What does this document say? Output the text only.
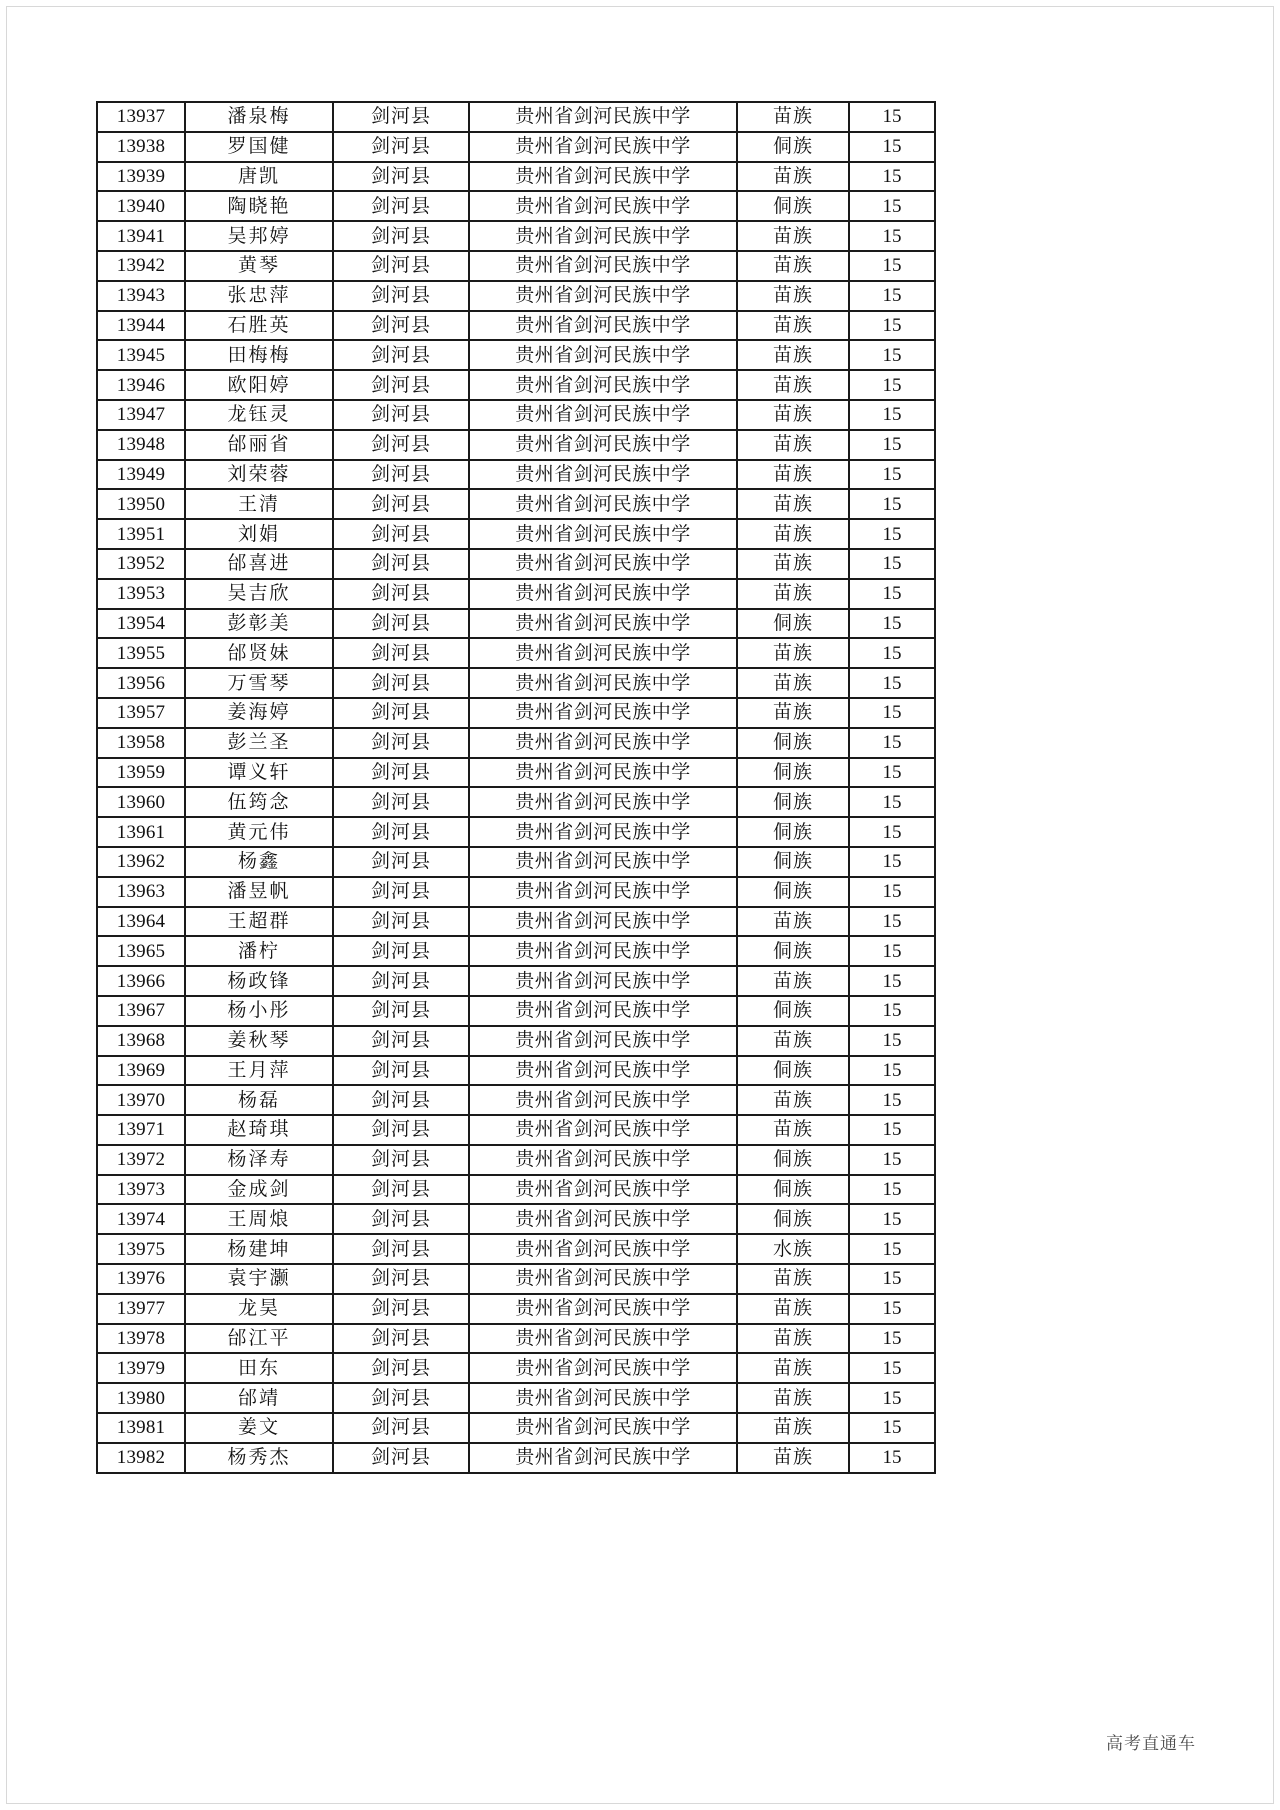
13937	潘泉梅	剑河县	贵州省剑河民族中学	苗族	15
13938	罗国健	剑河县	贵州省剑河民族中学	侗族	15
13939	唐凯	剑河县	贵州省剑河民族中学	苗族	15
13940	陶晓艳	剑河县	贵州省剑河民族中学	侗族	15
13941	吴邦婷	剑河县	贵州省剑河民族中学	苗族	15
13942	黄琴	剑河县	贵州省剑河民族中学	苗族	15
13943	张忠萍	剑河县	贵州省剑河民族中学	苗族	15
13944	石胜英	剑河县	贵州省剑河民族中学	苗族	15
13945	田梅梅	剑河县	贵州省剑河民族中学	苗族	15
13946	欧阳婷	剑河县	贵州省剑河民族中学	苗族	15
13947	龙钰灵	剑河县	贵州省剑河民族中学	苗族	15
13948	邰丽省	剑河县	贵州省剑河民族中学	苗族	15
13949	刘荣蓉	剑河县	贵州省剑河民族中学	苗族	15
13950	王清	剑河县	贵州省剑河民族中学	苗族	15
13951	刘娟	剑河县	贵州省剑河民族中学	苗族	15
13952	邰喜进	剑河县	贵州省剑河民族中学	苗族	15
13953	吴吉欣	剑河县	贵州省剑河民族中学	苗族	15
13954	彭彰美	剑河县	贵州省剑河民族中学	侗族	15
13955	邰贤妹	剑河县	贵州省剑河民族中学	苗族	15
13956	万雪琴	剑河县	贵州省剑河民族中学	苗族	15
13957	姜海婷	剑河县	贵州省剑河民族中学	苗族	15
13958	彭兰圣	剑河县	贵州省剑河民族中学	侗族	15
13959	谭义轩	剑河县	贵州省剑河民族中学	侗族	15
13960	伍筠念	剑河县	贵州省剑河民族中学	侗族	15
13961	黄元伟	剑河县	贵州省剑河民族中学	侗族	15
13962	杨鑫	剑河县	贵州省剑河民族中学	侗族	15
13963	潘昱帆	剑河县	贵州省剑河民族中学	侗族	15
13964	王超群	剑河县	贵州省剑河民族中学	苗族	15
13965	潘柠	剑河县	贵州省剑河民族中学	侗族	15
13966	杨政锋	剑河县	贵州省剑河民族中学	苗族	15
13967	杨小彤	剑河县	贵州省剑河民族中学	侗族	15
13968	姜秋琴	剑河县	贵州省剑河民族中学	苗族	15
13969	王月萍	剑河县	贵州省剑河民族中学	侗族	15
13970	杨磊	剑河县	贵州省剑河民族中学	苗族	15
13971	赵琦琪	剑河县	贵州省剑河民族中学	苗族	15
13972	杨泽寿	剑河县	贵州省剑河民族中学	侗族	15
13973	金成剑	剑河县	贵州省剑河民族中学	侗族	15
13974	王周烺	剑河县	贵州省剑河民族中学	侗族	15
13975	杨建坤	剑河县	贵州省剑河民族中学	水族	15
13976	袁宇灏	剑河县	贵州省剑河民族中学	苗族	15
13977	龙昊	剑河县	贵州省剑河民族中学	苗族	15
13978	邰江平	剑河县	贵州省剑河民族中学	苗族	15
13979	田东	剑河县	贵州省剑河民族中学	苗族	15
13980	邰靖	剑河县	贵州省剑河民族中学	苗族	15
13981	姜文	剑河县	贵州省剑河民族中学	苗族	15
13982	杨秀杰	剑河县	贵州省剑河民族中学	苗族	15
高考直通车
